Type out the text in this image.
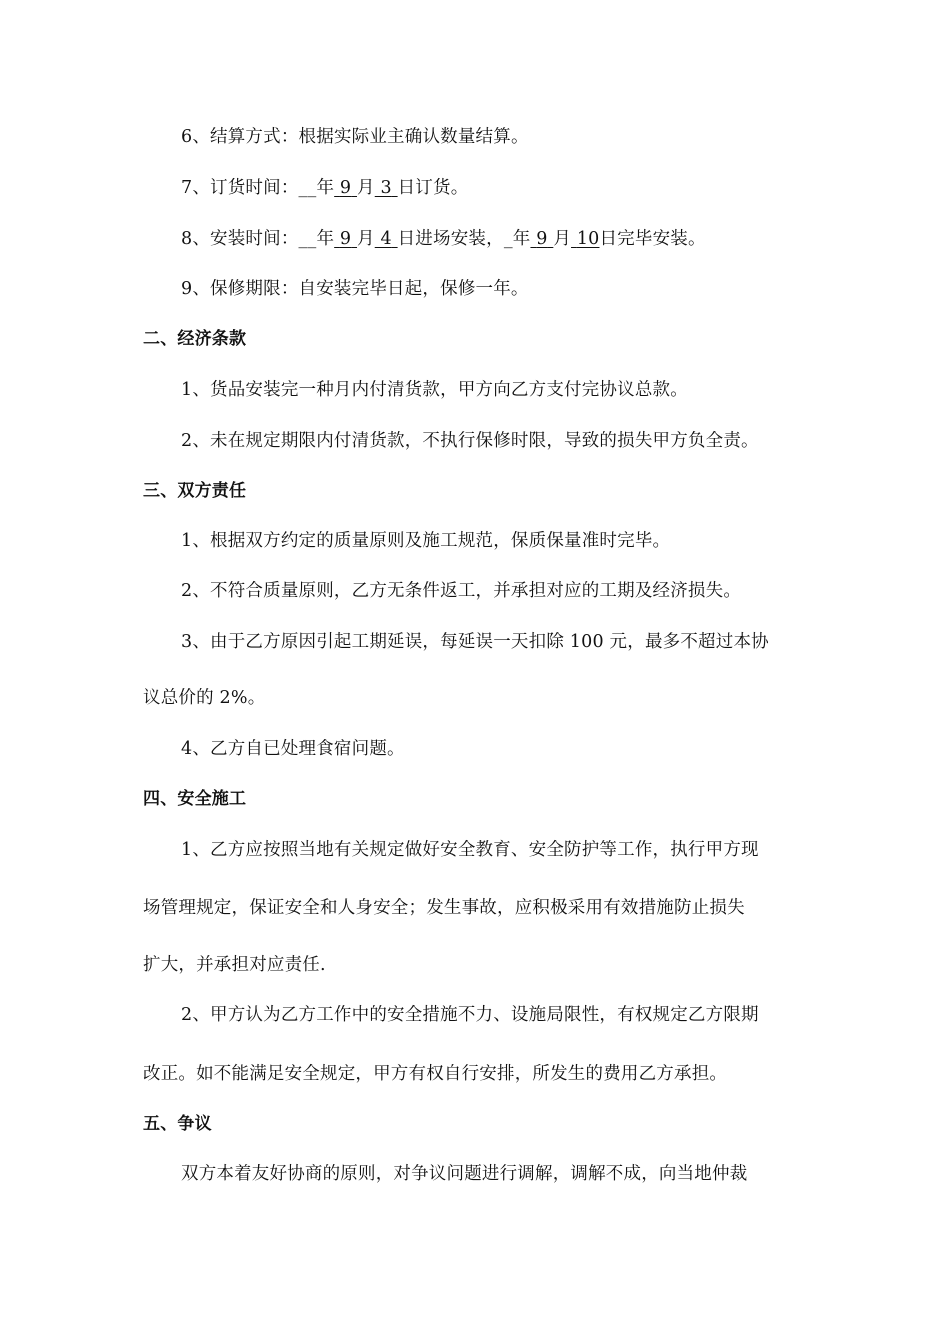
6、结算方式：根据实际业主确认数量结算。
7、订货时间：__年 9 月 3 日订货。
8、安装时间：__年 9 月 4 日进场安装，_年 9 月 10日完毕安装。
9、保修期限：自安装完毕日起，保修一年。
二、经济条款
1、货品安装完一种月内付清货款，甲方向乙方支付完协议总款。
2、未在规定期限内付清货款，不执行保修时限，导致的损失甲方负全责。
三、双方责任
1、根据双方约定的质量原则及施工规范，保质保量准时完毕。
2、不符合质量原则，乙方无条件返工，并承担对应的工期及经济损失。
3、由于乙方原因引起工期延误，每延误一天扣除 100 元，最多不超过本协
议总价的 2%。
4、乙方自已处理食宿问题。
四、安全施工
1、乙方应按照当地有关规定做好安全教育、安全防护等工作，执行甲方现
场管理规定，保证安全和人身安全；发生事故，应积极采用有效措施防止损失
扩大，并承担对应责任.
2、甲方认为乙方工作中的安全措施不力、设施局限性，有权规定乙方限期
改正。如不能满足安全规定，甲方有权自行安排，所发生的费用乙方承担。
五、争议
双方本着友好协商的原则，对争议问题进行调解，调解不成，向当地仲裁
